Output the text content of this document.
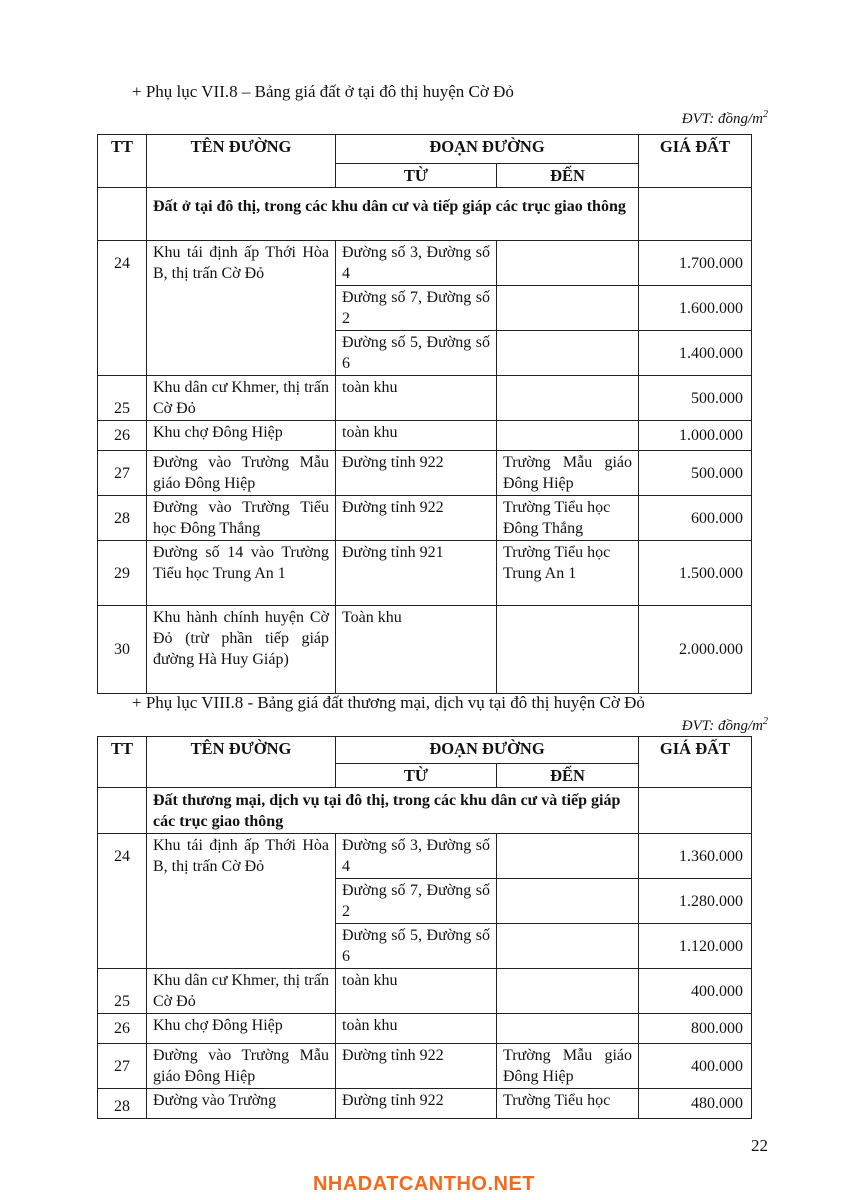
+ Phụ lục VII.8 – Bảng giá đất ở tại đô thị huyện Cờ Đỏ
ĐVT: đồng/$m^2$
TT	TÊN ĐƯỜNG	ĐOẠN ĐƯỜNG		GIÁ ĐẤT
		TỪ	ĐẾN	
	Đất ở tại đô thị, trong các khu dân cư và tiếp giáp các trục giao thông			
24	Khu tái định ấp Thới Hòa B, thị trấn Cờ Đỏ	Đường số 3, Đường số 4		1.700.000
		Đường số 7, Đường số 2		1.600.000
		Đường số 5, Đường số 6		1.400.000
25	Khu dân cư Khmer, thị trấn Cờ Đỏ	toàn khu		500.000
26	Khu chợ Đông Hiệp	toàn khu		1.000.000
27	Đường vào Trường Mẫu giáo Đông Hiệp	Đường tỉnh 922	Trường Mẫu giáo Đông Hiệp	500.000
28	Đường vào Trường Tiểu học Đông Thắng	Đường tỉnh 922	Trường Tiểu học Đông Thắng	600.000
29	Đường số 14 vào Trường Tiểu học Trung An 1	Đường tỉnh 921	Trường Tiểu học Trung An 1	1.500.000
30	Khu hành chính huyện Cờ Đỏ (trừ phần tiếp giáp đường Hà Huy Giáp)	Toàn khu		2.000.000
+ Phụ lục VIII.8 - Bảng giá đất thương mại, dịch vụ tại đô thị huyện Cờ Đỏ
ĐVT: đồng/$m^2$
TT	TÊN ĐƯỜNG	ĐOẠN ĐƯỜNG		GIÁ ĐẤT
		TỪ	ĐẾN	
	Đất thương mại, dịch vụ tại đô thị, trong các khu dân cư và tiếp giáp các trục giao thông			
24	Khu tái định ấp Thới Hòa B, thị trấn Cờ Đỏ	Đường số 3, Đường số 4		1.360.000
		Đường số 7, Đường số 2		1.280.000
		Đường số 5, Đường số 6		1.120.000
25	Khu dân cư Khmer, thị trấn Cờ Đỏ	toàn khu		400.000
26	Khu chợ Đông Hiệp	toàn khu		800.000
27	Đường vào Trường Mẫu giáo Đông Hiệp	Đường tỉnh 922	Trường Mẫu giáo Đông Hiệp	400.000
28	Đường vào Trường	Đường tỉnh 922	Trường Tiểu học	480.000
22
NHADATCANTHO.NET
